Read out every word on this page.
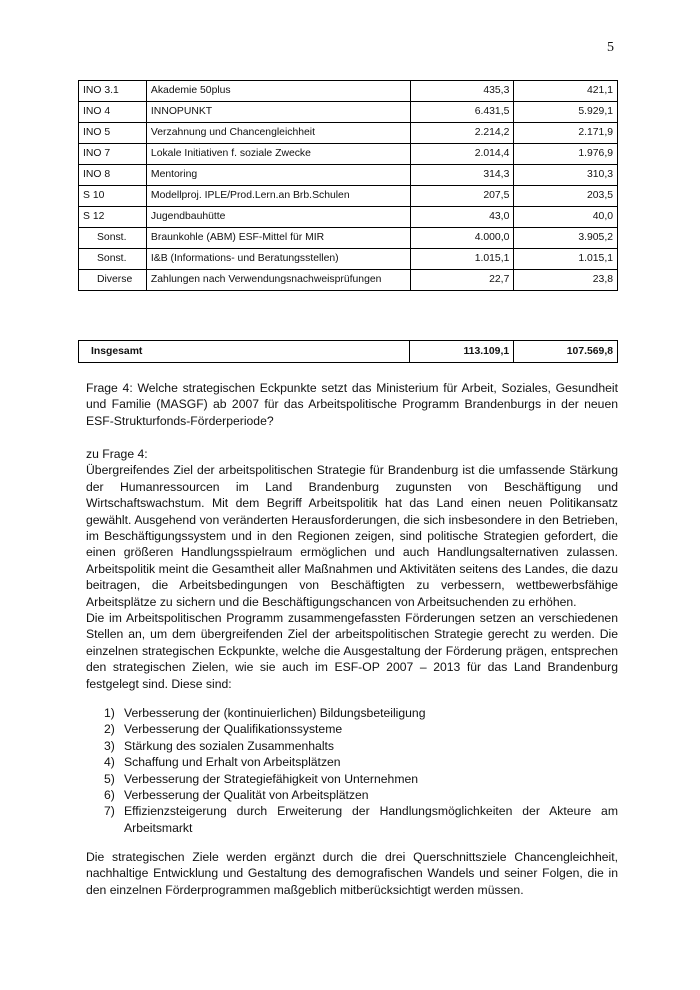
5
INO 3.1	Akademie 50plus	435,3	421,1
INO 4	INNOPUNKT	6.431,5	5.929,1
INO 5	Verzahnung und Chancengleichheit	2.214,2	2.171,9
INO 7	Lokale Initiativen f. soziale Zwecke	2.014,4	1.976,9
INO 8	Mentoring	314,3	310,3
S 10	Modellproj. IPLE/Prod.Lern.an Brb.Schulen	207,5	203,5
S 12	Jugendbauhütte	43,0	40,0
Sonst.	Braunkohle (ABM) ESF-Mittel für MIR	4.000,0	3.905,2
Sonst.	I&B (Informations- und Beratungsstellen)	1.015,1	1.015,1
Diverse	Zahlungen nach Verwendungsnachweisprüfungen	22,7	23,8
Insgesamt	113.109,1	107.569,8

Frage 4: Welche strategischen Eckpunkte setzt das Ministerium für Arbeit, Soziales, Gesundheit und Familie (MASGF) ab 2007 für das Arbeitspolitische Programm Brandenburgs in der neuen ESF-Strukturfonds-Förderperiode?

zu Frage 4:

Übergreifendes Ziel der arbeitspolitischen Strategie für Brandenburg ist die umfassende Stärkung der Humanressourcen im Land Brandenburg zugunsten von Beschäftigung und Wirtschaftswachstum. Mit dem Begriff Arbeitspolitik hat das Land einen neuen Politikansatz gewählt. Ausgehend von veränderten Herausforderungen, die sich insbesondere in den Betrieben, im Beschäftigungssystem und in den Regionen zeigen, sind politische Strategien gefordert, die einen größeren Handlungsspielraum ermöglichen und auch Handlungsalternativen zulassen. Arbeitspolitik meint die Gesamtheit aller Maßnahmen und Aktivitäten seitens des Landes, die dazu beitragen, die Arbeitsbedingungen von Beschäftigten zu verbessern, wettbewerbsfähige Arbeitsplätze zu sichern und die Beschäftigungschancen von Arbeitsuchenden zu erhöhen.

Die im Arbeitspolitischen Programm zusammengefassten Förderungen setzen an verschiedenen Stellen an, um dem übergreifenden Ziel der arbeitspolitischen Strategie gerecht zu werden. Die einzelnen strategischen Eckpunkte, welche die Ausgestaltung der Förderung prägen, entsprechen den strategischen Zielen, wie sie auch im ESF-OP 2007 – 2013 für das Land Brandenburg festgelegt sind. Diese sind:

1) Verbesserung der (kontinuierlichen) Bildungsbeteiligung
2) Verbesserung der Qualifikationssysteme
3) Stärkung des sozialen Zusammenhalts
4) Schaffung und Erhalt von Arbeitsplätzen
5) Verbesserung der Strategiefähigkeit von Unternehmen
6) Verbesserung der Qualität von Arbeitsplätzen
7) Effizienzsteigerung durch Erweiterung der Handlungsmöglichkeiten der Akteure am Arbeitsmarkt

Die strategischen Ziele werden ergänzt durch die drei Querschnittsziele Chancengleichheit, nachhaltige Entwicklung und Gestaltung des demografischen Wandels und seiner Folgen, die in den einzelnen Förderprogrammen maßgeblich mitberücksichtigt werden müssen.
